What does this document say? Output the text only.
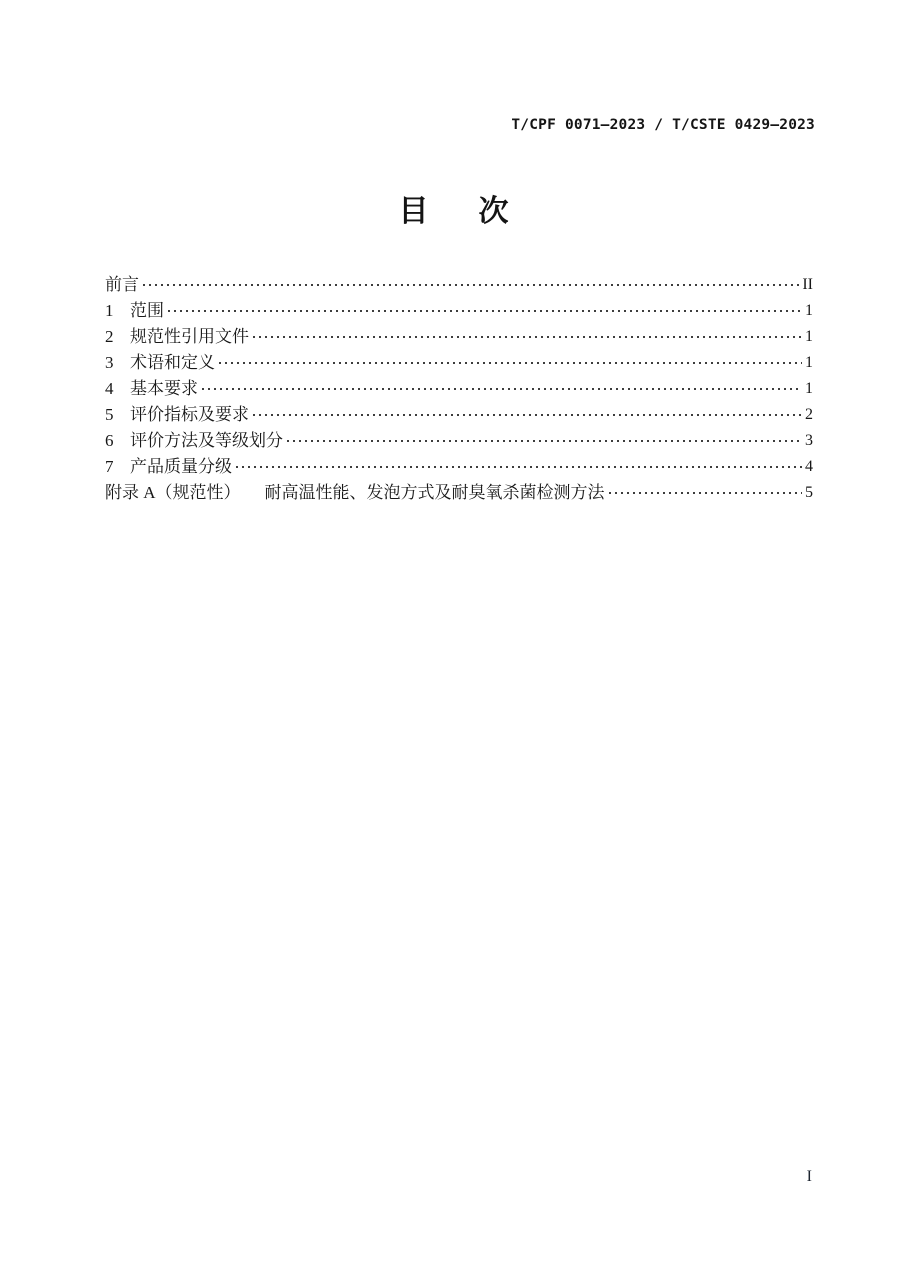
T/CPF 0071—2023 / T/CSTE 0429—2023
目　次
前言	II
1 范围	1
2 规范性引用文件	1
3 术语和定义	1
4 基本要求	1
5 评价指标及要求	2
6 评价方法及等级划分	3
7 产品质量分级	4
附录 A（规范性） 耐高温性能、发泡方式及耐臭氧杀菌检测方法	5
I
